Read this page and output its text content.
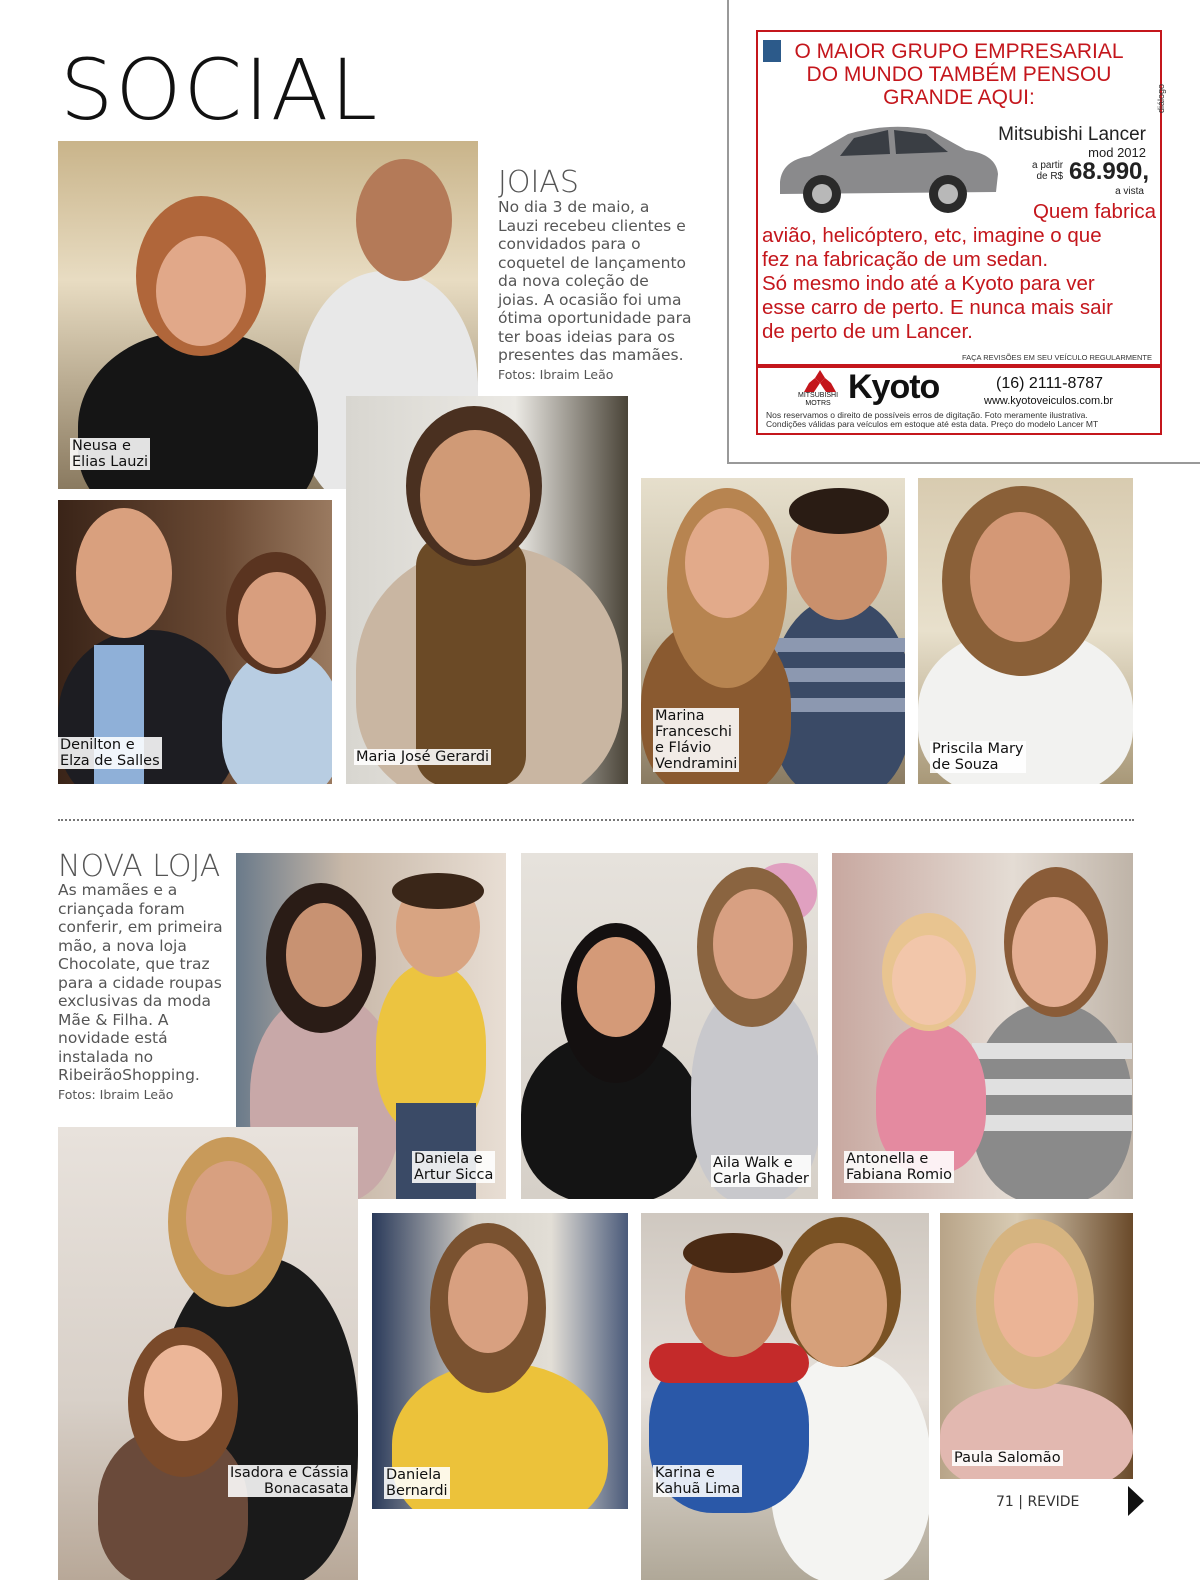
SOCIAL
JOIAS
No dia 3 de maio, a Lauzi recebeu clientes e convidados para o coquetel de lançamento da nova coleção de joias. A ocasião foi uma ótima oportunidade para ter boas ideias para os presentes das mamães. Fotos: Ibraim Leão
Neusa e
Elias Lauzi
Denilton e
Elza de Salles	Maria José Gerardi
Marina
Franceschi
e Flávio
Vendramini
Priscila Mary
de Souza
O MAIOR GRUPO EMPRESARIAL
DO MUNDO TAMBÉM PENSOU
GRANDE AQUI:	diálogo
Mitsubishi Lancer
mod 2012
a partir
de R$ 68.990,
a vista
Quem fabrica
avião, helicóptero, etc, imagine o que
fez na fabricação de um sedan.
Só mesmo indo até a Kyoto para ver
esse carro de perto. E nunca mais sair
de perto de um Lancer.
FAÇA REVISÕES EM SEU VEÍCULO REGULARMENTE
MITSUBISHI
MOTRS Kyoto	(16) 2111-8787
www.kyotoveiculos.com.br
Nos reservamos o direito de possíveis erros de digitação. Foto meramente ilustrativa.
Condições válidas para veículos em estoque até esta data. Preço do modelo Lancer MT
NOVA LOJA
As mamães e a criançada foram conferir, em primeira mão, a nova loja Chocolate, que traz para a cidade roupas exclusivas da moda Mãe & Filha. A novidade está instalada no RibeirãoShopping. Fotos: Ibraim Leão
Daniela e
Artur Sicca
Aila Walk e
Carla Ghader
Antonella e
Fabiana Romio
Isadora e Cássia
Bonacasata
Daniela
Bernardi
Karina e
Kahuã Lima
Paula Salomão
71 | REVIDE
